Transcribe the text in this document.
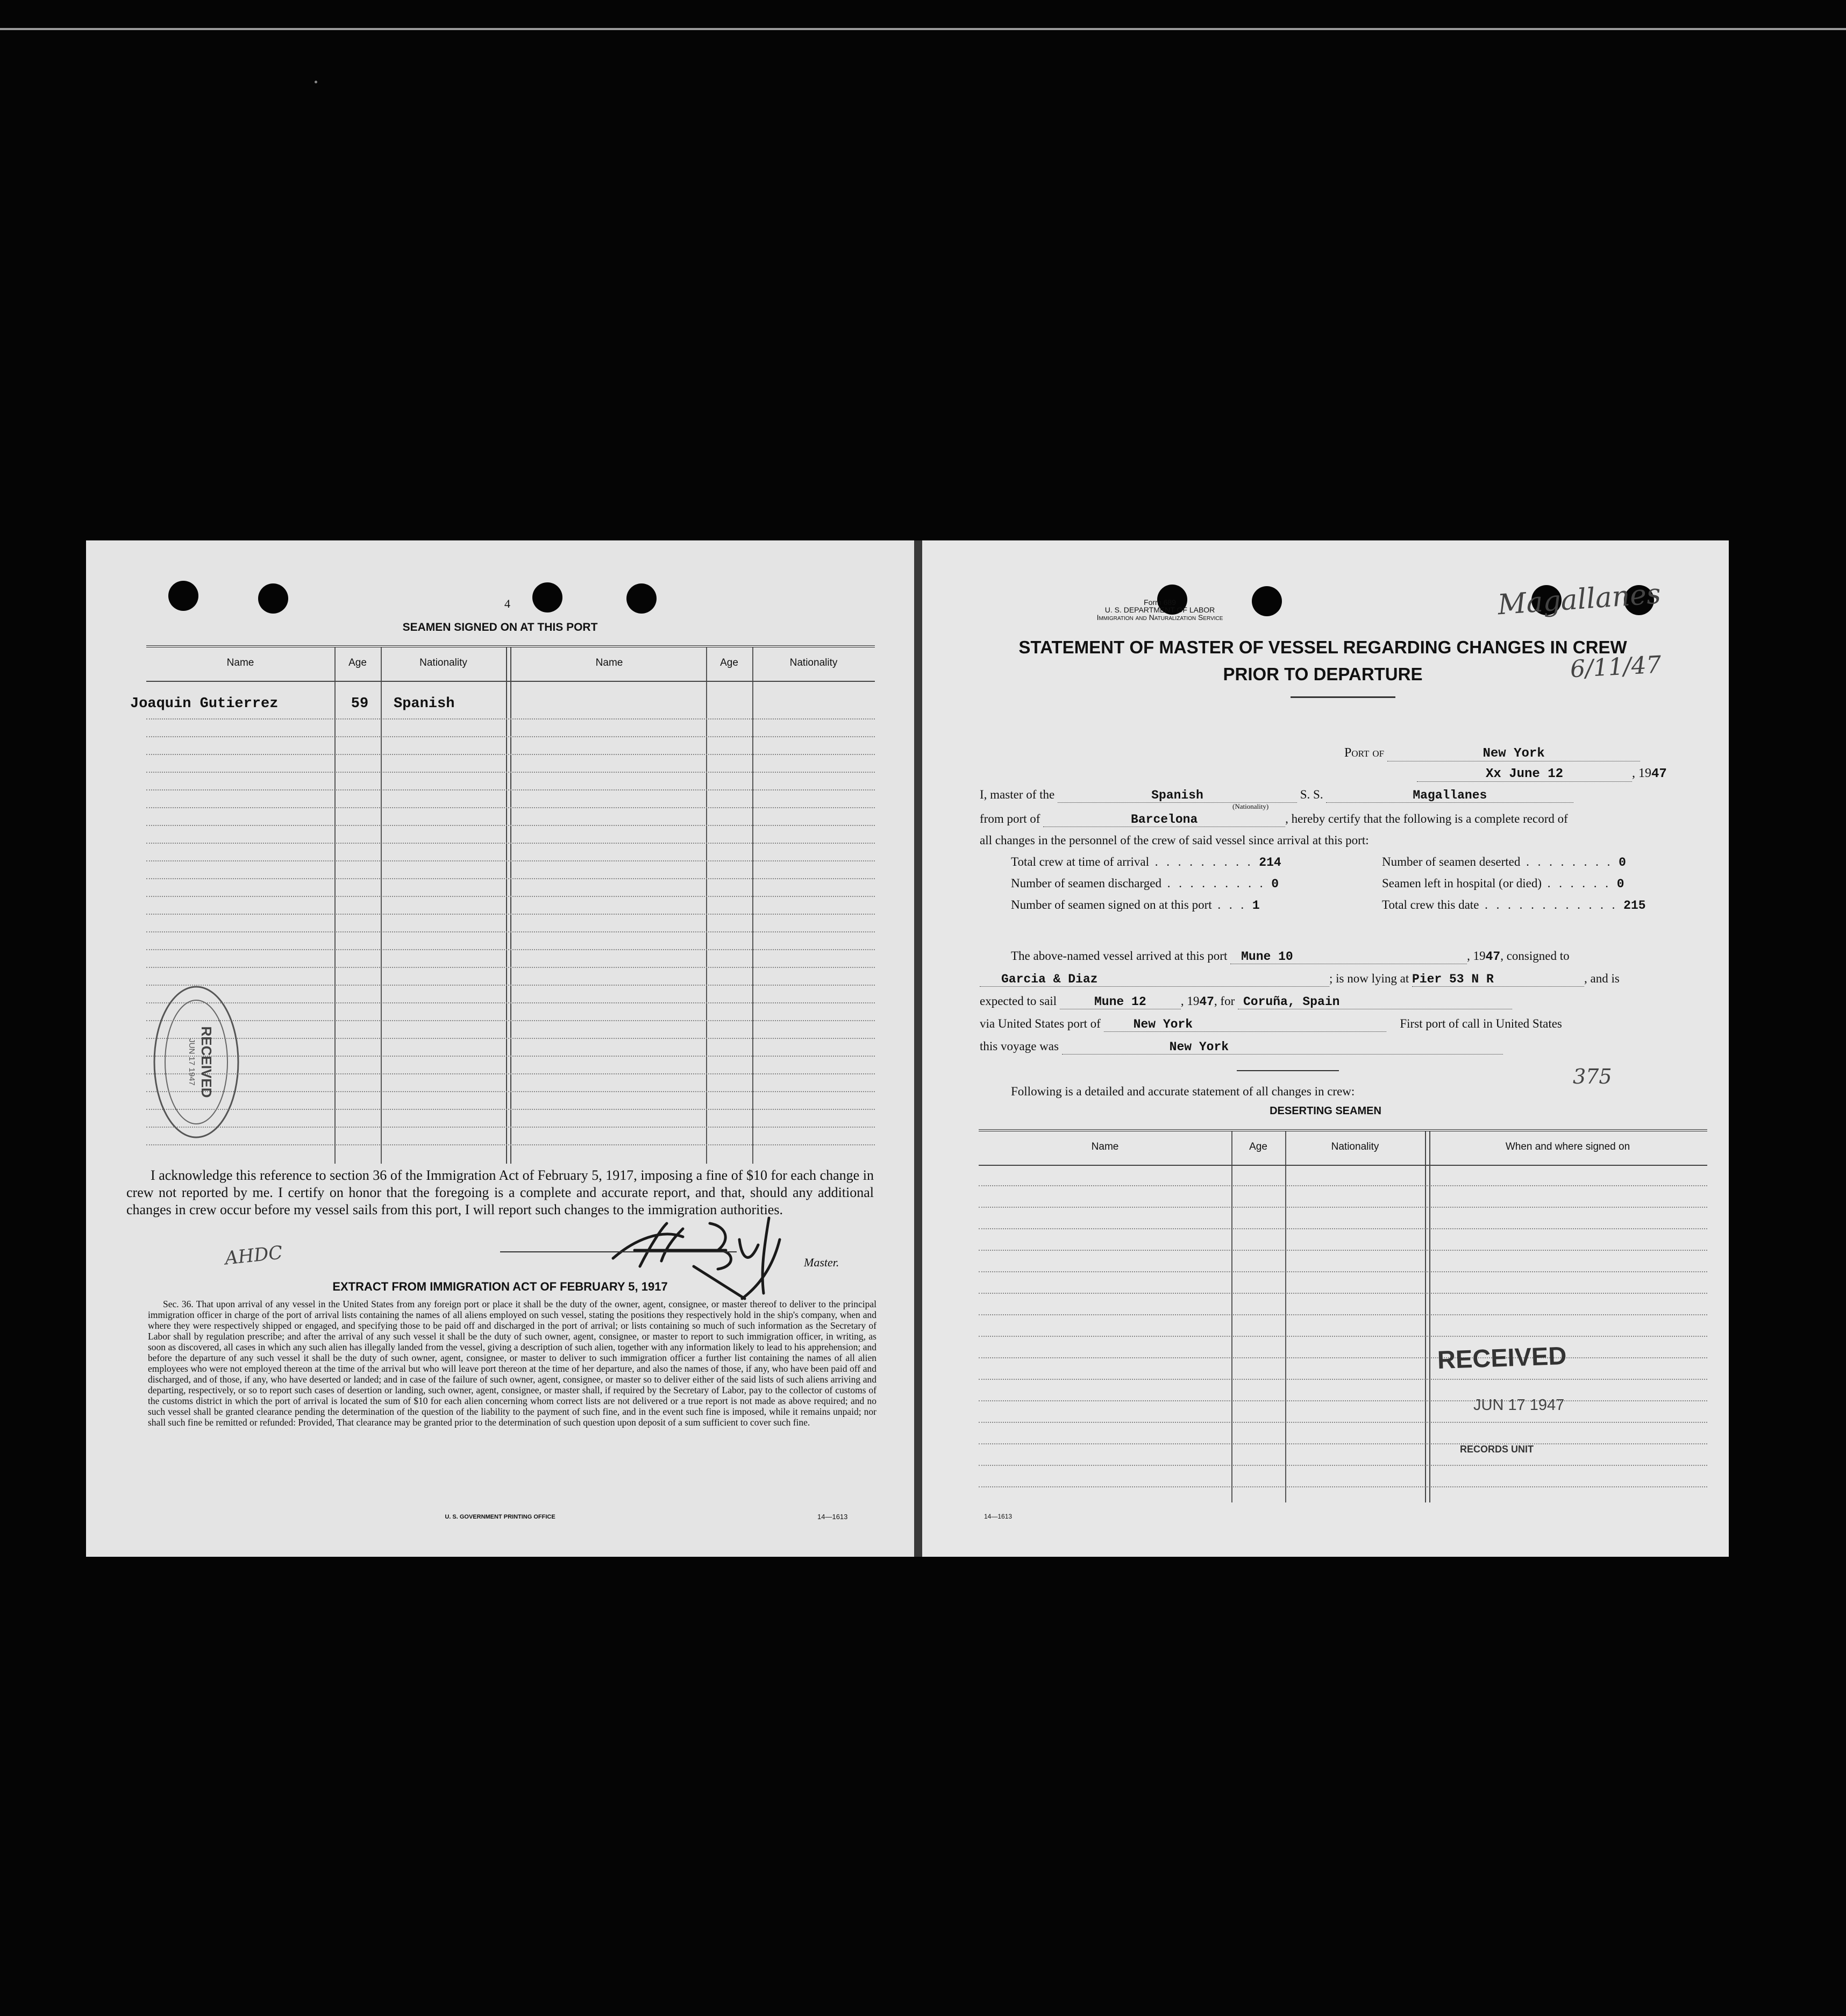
4
SEAMEN SIGNED ON AT THIS PORT
Name	Age	Nationality	Name	Age	Nationality
Joaquin Gutierrez	59	Spanish
RECEIVED
JUN 17 1947
I acknowledge this reference to section 36 of the Immigration Act of February 5, 1917, imposing a fine of $10 for each change in crew not reported by me. I certify on honor that the foregoing is a complete and accurate report, and that, should any additional changes in crew occur before my vessel sails from this port, I will report such changes to the immigration authorities.
AHDC	Master.
EXTRACT FROM IMMIGRATION ACT OF FEBRUARY 5, 1917
Sec. 36. That upon arrival of any vessel in the United States from any foreign port or place it shall be the duty of the owner, agent, consignee, or master thereof to deliver to the principal immigration officer in charge of the port of arrival lists containing the names of all aliens employed on such vessel, stating the positions they respectively hold in the ship's company, when and where they were respectively shipped or engaged, and specifying those to be paid off and discharged in the port of arrival; or lists containing so much of such information as the Secretary of Labor shall by regulation prescribe; and after the arrival of any such vessel it shall be the duty of such owner, agent, consignee, or master to report to such immigration officer, in writing, as soon as discovered, all cases in which any such alien has illegally landed from the vessel, giving a description of such alien, together with any information likely to lead to his apprehension; and before the departure of any such vessel it shall be the duty of such owner, agent, consignee, or master to deliver to such immigration officer a further list containing the names of all alien employees who were not employed thereon at the time of the arrival but who will leave port thereon at the time of her departure, and also the names of those, if any, who have been paid off and discharged, and of those, if any, who have deserted or landed; and in case of the failure of such owner, agent, consignee, or master so to deliver either of the said lists of such aliens arriving and departing, respectively, or so to report such cases of desertion or landing, such owner, agent, consignee, or master shall, if required by the Secretary of Labor, pay to the collector of customs of the customs district in which the port of arrival is located the sum of $10 for each alien concerning whom correct lists are not delivered or a true report is not made as above required; and no such vessel shall be granted clearance pending the determination of the question of the liability to the payment of such fine, and in the event such fine is imposed, while it remains unpaid; nor shall such fine be remitted or refunded: Provided, That clearance may be granted prior to the determination of such question upon deposit of a sum sufficient to cover such fine.
U. S. GOVERNMENT PRINTING OFFICE	14—1613
Form 689
U. S. DEPARTMENT OF LABOR
Immigration and Naturalization Service	Magallanes
6/11/47
STATEMENT OF MASTER OF VESSEL REGARDING CHANGES IN CREW
PRIOR TO DEPARTURE
Port of	New York
Xx June 12	, 1947
I, master of the	Spanish	S. S.	Magallanes
(Nationality)
from port of	Barcelona	, hereby certify that the following is a complete record of
all changes in the personnel of the crew of said vessel since arrival at this port:
Total crew at time of arrival . . . . . . . . . 214	Number of seamen deserted . . . . . . . . 0
Number of seamen discharged . . . . . . . . . 0	Seamen left in hospital (or died) . . . . . . 0
Number of seamen signed on at this port . . . 1	Total crew this date . . . . . . . . . . . . 215
The above-named vessel arrived at this port Mune 10	, 1947, consigned to
Garcia & Diaz	; is now lying at Pier 53 N R	, and is
expected to sail	Mune 12	, 1947, for Coruña, Spain
via United States port of	New York	First port of call in United States
this voyage was	New York
375
Following is a detailed and accurate statement of all changes in crew:
DESERTING SEAMEN
Name	Age	Nationality	When and where signed on
RECEIVED
JUN 17 1947
RECORDS UNIT
14—1613
